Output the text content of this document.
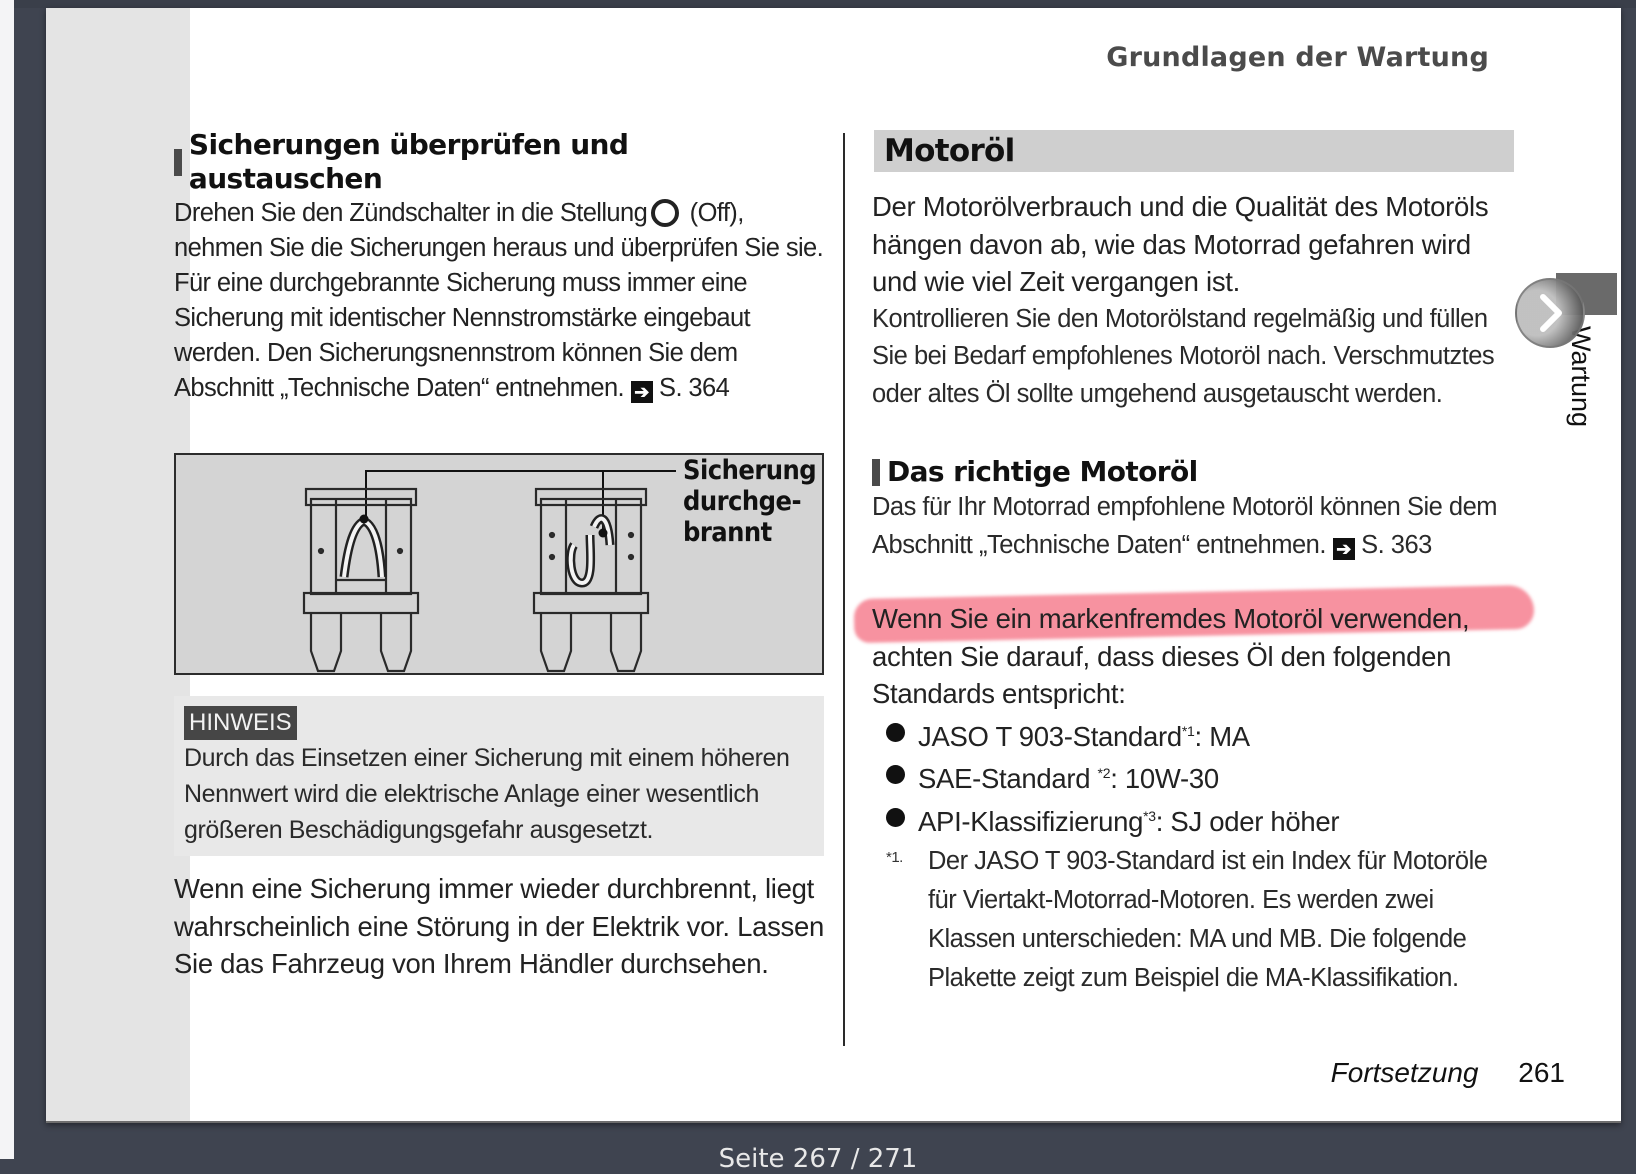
Grundlagen der Wartung
Sicherungen überprüfen und austauschen
Drehen Sie den Zündschalter in die Stellung (Off), nehmen Sie die Sicherungen heraus und überprüfen Sie sie. Für eine durchgebrannte Sicherung muss immer eine Sicherung mit identischer Nennstromstärke eingebaut werden. Den Sicherungsnennstrom können Sie dem Abschnitt „Technische Daten“ entnehmen. ➔ S. 364
Sicherung
durchge-
brannt
HINWEIS
Durch das Einsetzen einer Sicherung mit einem höheren Nennwert wird die elektrische Anlage einer wesentlich größeren Beschädigungsgefahr ausgesetzt.
Wenn eine Sicherung immer wieder durchbrennt, liegt wahrscheinlich eine Störung in der Elektrik vor. Lassen Sie das Fahrzeug von Ihrem Händler durchsehen.
Motoröl
Der Motorölverbrauch und die Qualität des Motoröls hängen davon ab, wie das Motorrad gefahren wird und wie viel Zeit vergangen ist.
Kontrollieren Sie den Motorölstand regelmäßig und füllen Sie bei Bedarf empfohlenes Motoröl nach. Verschmutztes oder altes Öl sollte umgehend ausgetauscht werden.
Das richtige Motoröl
Das für Ihr Motorrad empfohlene Motoröl können Sie dem Abschnitt „Technische Daten“ entnehmen. ➔ S. 363
Wenn Sie ein markenfremdes Motoröl verwenden,
achten Sie darauf, dass dieses Öl den folgenden Standards entspricht:
JASO T 903-Standard$^{*1}$: MA
SAE-Standard $^{*2}$: 10W-30
API-Klassifizierung$^{*3}$: SJ oder höher
*1. Der JASO T 903-Standard ist ein Index für Motoröle für Viertakt-Motorrad-Motoren. Es werden zwei Klassen unterschieden: MA und MB. Die folgende Plakette zeigt zum Beispiel die MA-Klassifikation.
Wartung
Fortsetzung 261
Seite 267 / 271
